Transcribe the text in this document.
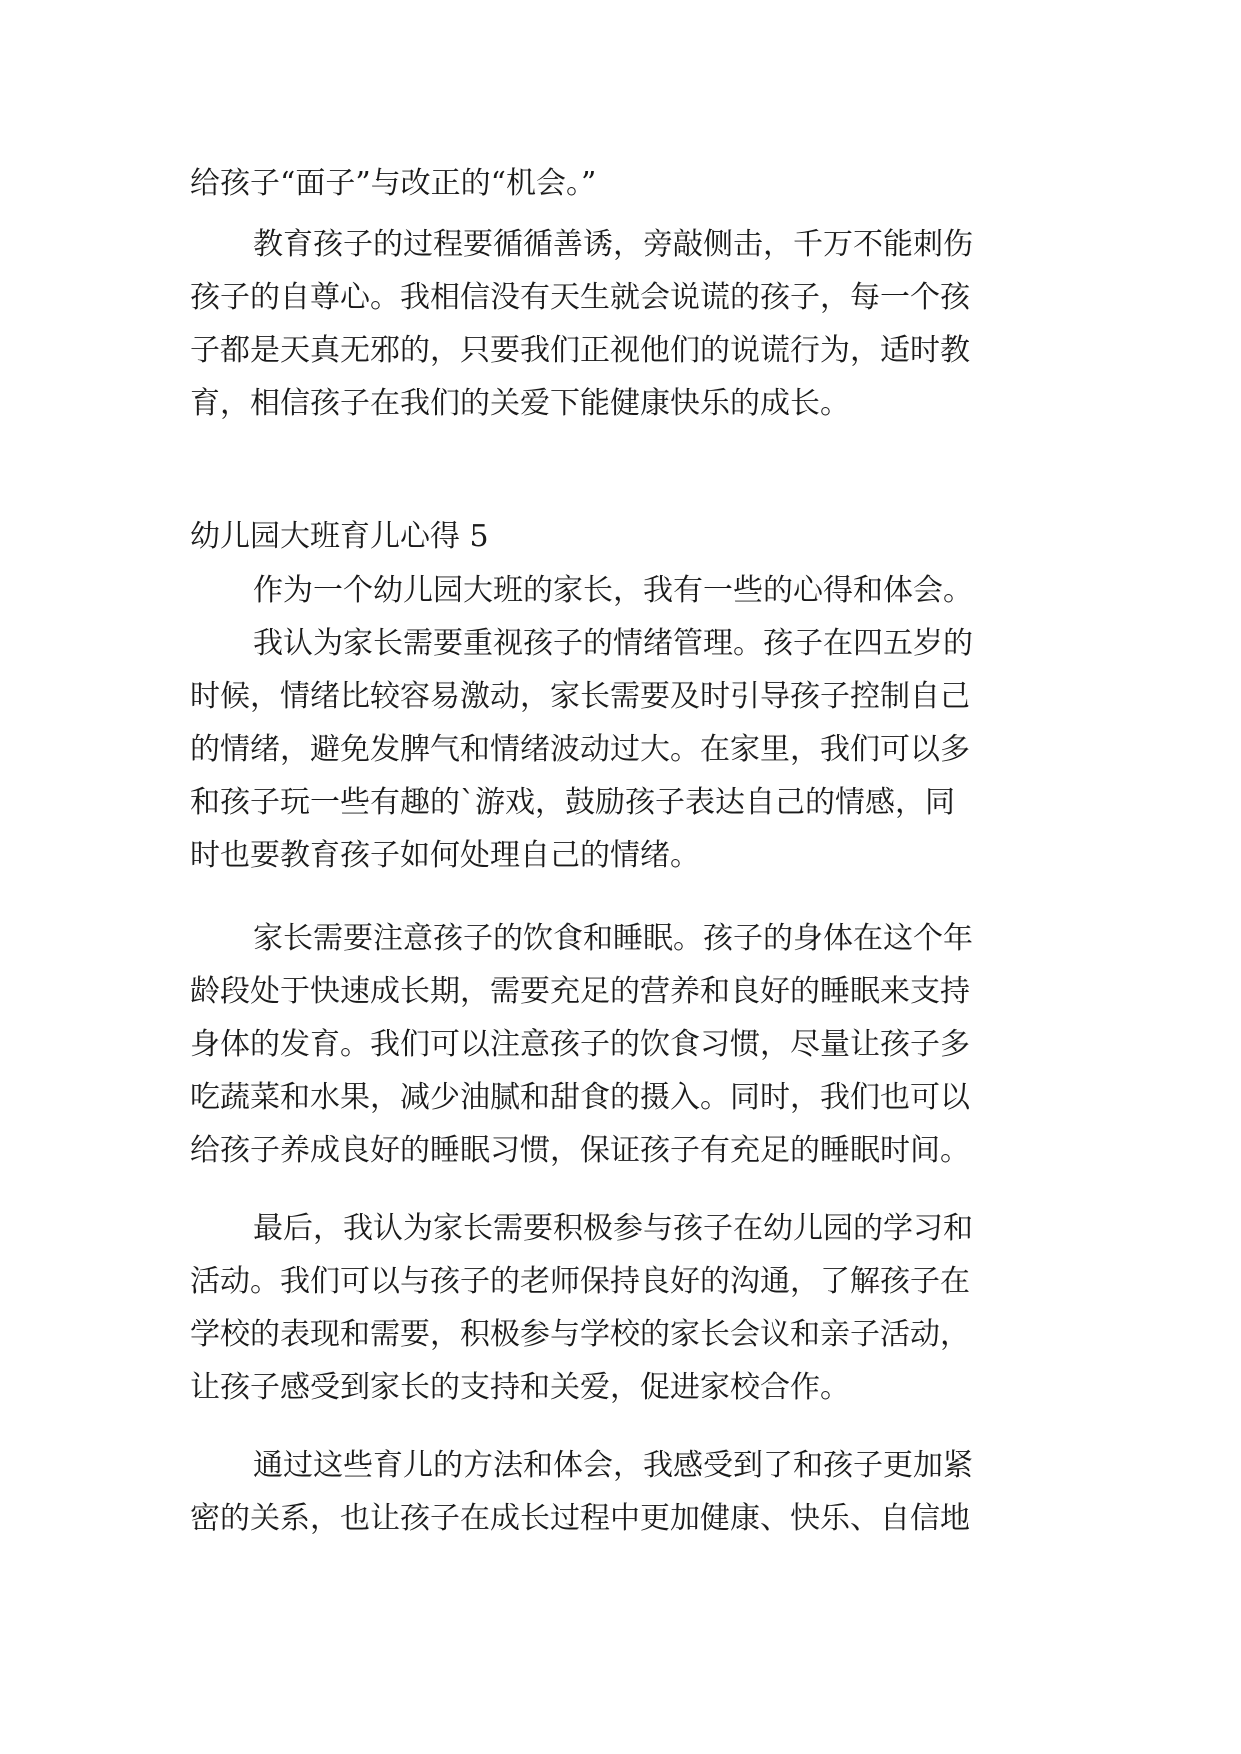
给孩子“面子”与改正的“机会。”

教育孩子的过程要循循善诱，旁敲侧击，千万不能刺伤

孩子的自尊心。我相信没有天生就会说谎的孩子，每一个孩

子都是天真无邪的，只要我们正视他们的说谎行为，适时教

育，相信孩子在我们的关爱下能健康快乐的成长。

幼儿园大班育儿心得 5

作为一个幼儿园大班的家长，我有一些的心得和体会。

我认为家长需要重视孩子的情绪管理。孩子在四五岁的

时候，情绪比较容易激动，家长需要及时引导孩子控制自己

的情绪，避免发脾气和情绪波动过大。在家里，我们可以多

和孩子玩一些有趣的`游戏，鼓励孩子表达自己的情感，同

时也要教育孩子如何处理自己的情绪。

家长需要注意孩子的饮食和睡眠。孩子的身体在这个年

龄段处于快速成长期，需要充足的营养和良好的睡眠来支持

身体的发育。我们可以注意孩子的饮食习惯，尽量让孩子多

吃蔬菜和水果，减少油腻和甜食的摄入。同时，我们也可以

给孩子养成良好的睡眠习惯，保证孩子有充足的睡眠时间。

最后，我认为家长需要积极参与孩子在幼儿园的学习和

活动。我们可以与孩子的老师保持良好的沟通，了解孩子在

学校的表现和需要，积极参与学校的家长会议和亲子活动，

让孩子感受到家长的支持和关爱，促进家校合作。

通过这些育儿的方法和体会，我感受到了和孩子更加紧

密的关系，也让孩子在成长过程中更加健康、快乐、自信地
